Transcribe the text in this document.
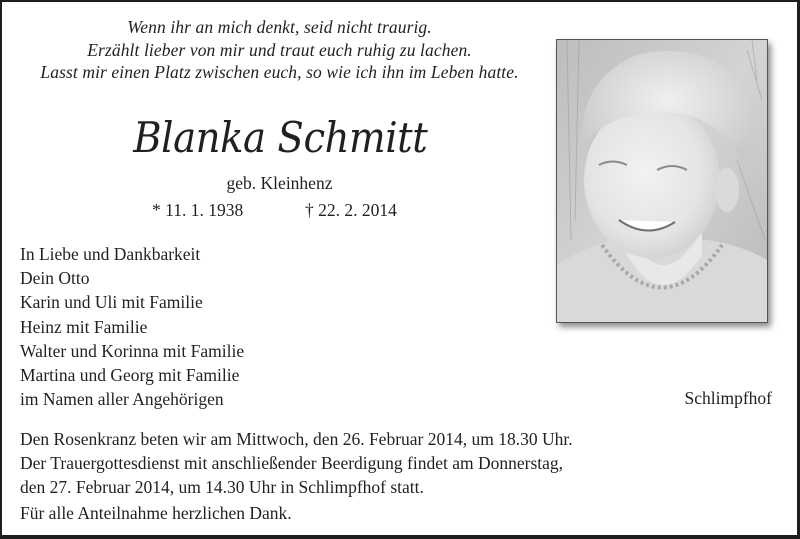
Wenn ihr an mich denkt, seid nicht traurig.
Erzählt lieber von mir und traut euch ruhig zu lachen.
Lasst mir einen Platz zwischen euch, so wie ich ihn im Leben hatte.
Blanka Schmitt
geb. Kleinhenz
* 11. 1. 1938	† 22. 2. 2014
In Liebe und Dankbarkeit
Dein Otto
Karin und Uli mit Familie
Heinz mit Familie
Walter und Korinna mit Familie
Martina und Georg mit Familie
im Namen aller Angehörigen	Schlimpfhof
Den Rosenkranz beten wir am Mittwoch, den 26. Februar 2014, um 18.30 Uhr.
Der Trauergottesdienst mit anschließender Beerdigung findet am Donnerstag,
den 27. Februar 2014, um 14.30 Uhr in Schlimpfhof statt.
Für alle Anteilnahme herzlichen Dank.
